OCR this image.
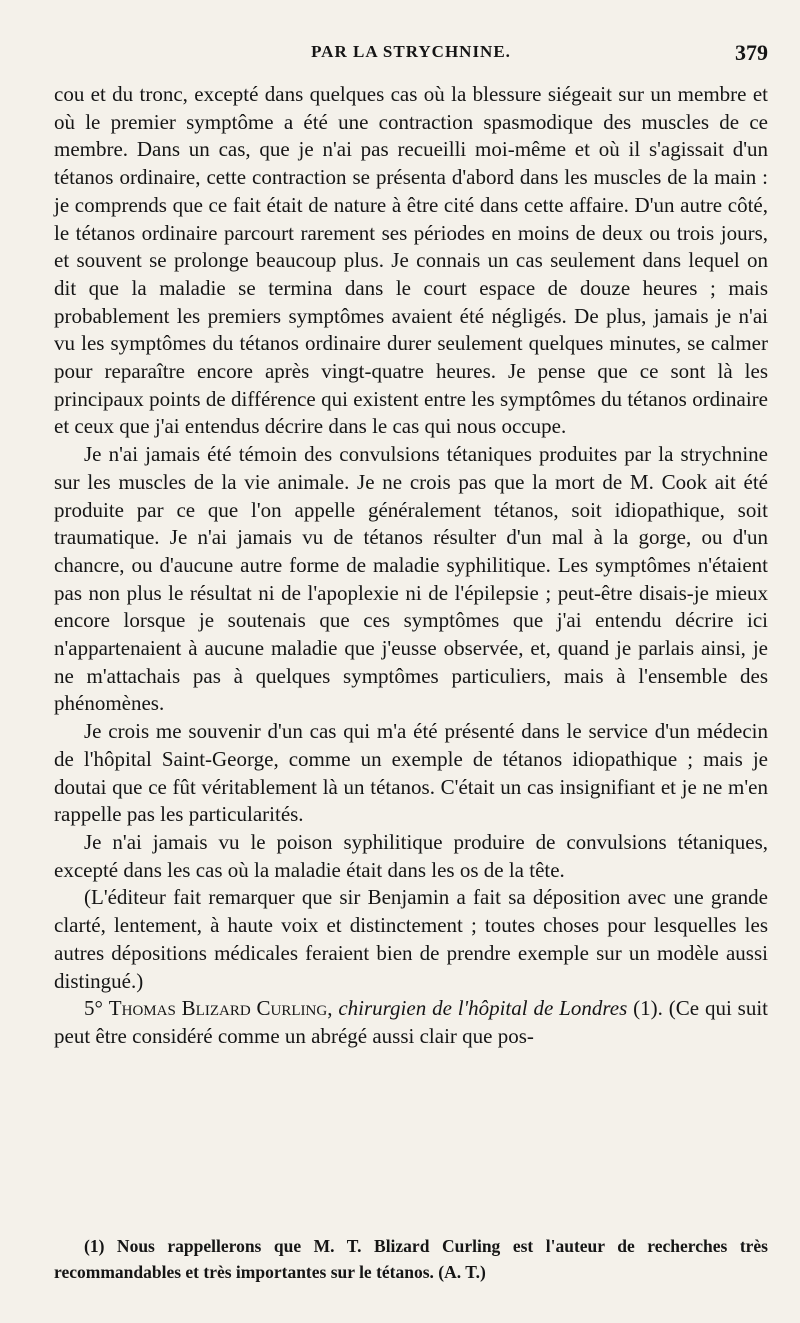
PAR LA STRYCHNINE.	379

cou et du tronc, excepté dans quelques cas où la blessure siégeait sur un membre et où le premier symptôme a été une contraction spasmodique des muscles de ce membre. Dans un cas, que je n'ai pas recueilli moi-même et où il s'agissait d'un tétanos ordinaire, cette contraction se présenta d'abord dans les muscles de la main : je comprends que ce fait était de nature à être cité dans cette affaire. D'un autre côté, le tétanos ordinaire parcourt rarement ses périodes en moins de deux ou trois jours, et souvent se prolonge beaucoup plus. Je connais un cas seulement dans lequel on dit que la maladie se termina dans le court espace de douze heures ; mais probablement les premiers symptômes avaient été négligés. De plus, jamais je n'ai vu les symptômes du tétanos ordinaire durer seulement quelques minutes, se calmer pour reparaître encore après vingt-quatre heures. Je pense que ce sont là les principaux points de différence qui existent entre les symptômes du tétanos ordinaire et ceux que j'ai entendus décrire dans le cas qui nous occupe.

Je n'ai jamais été témoin des convulsions tétaniques produites par la strychnine sur les muscles de la vie animale. Je ne crois pas que la mort de M. Cook ait été produite par ce que l'on appelle généralement tétanos, soit idiopathique, soit traumatique. Je n'ai jamais vu de tétanos résulter d'un mal à la gorge, ou d'un chancre, ou d'aucune autre forme de maladie syphilitique. Les symptômes n'étaient pas non plus le résultat ni de l'apoplexie ni de l'épilepsie ; peut-être disais-je mieux encore lorsque je soutenais que ces symptômes que j'ai entendu décrire ici n'appartenaient à aucune maladie que j'eusse observée, et, quand je parlais ainsi, je ne m'attachais pas à quelques symptômes particuliers, mais à l'ensemble des phénomènes.

Je crois me souvenir d'un cas qui m'a été présenté dans le service d'un médecin de l'hôpital Saint-George, comme un exemple de tétanos idiopathique ; mais je doutai que ce fût véritablement là un tétanos. C'était un cas insignifiant et je ne m'en rappelle pas les particularités.

Je n'ai jamais vu le poison syphilitique produire de convulsions tétaniques, excepté dans les cas où la maladie était dans les os de la tête.

(L'éditeur fait remarquer que sir Benjamin a fait sa déposition avec une grande clarté, lentement, à haute voix et distinctement ; toutes choses pour lesquelles les autres dépositions médicales feraient bien de prendre exemple sur un modèle aussi distingué.)

5° Thomas Blizard Curling, chirurgien de l'hôpital de Londres (1). (Ce qui suit peut être considéré comme un abrégé aussi clair que pos-

(1) Nous rappellerons que M. T. Blizard Curling est l'auteur de recherches très recommandables et très importantes sur le tétanos. (A. T.)
